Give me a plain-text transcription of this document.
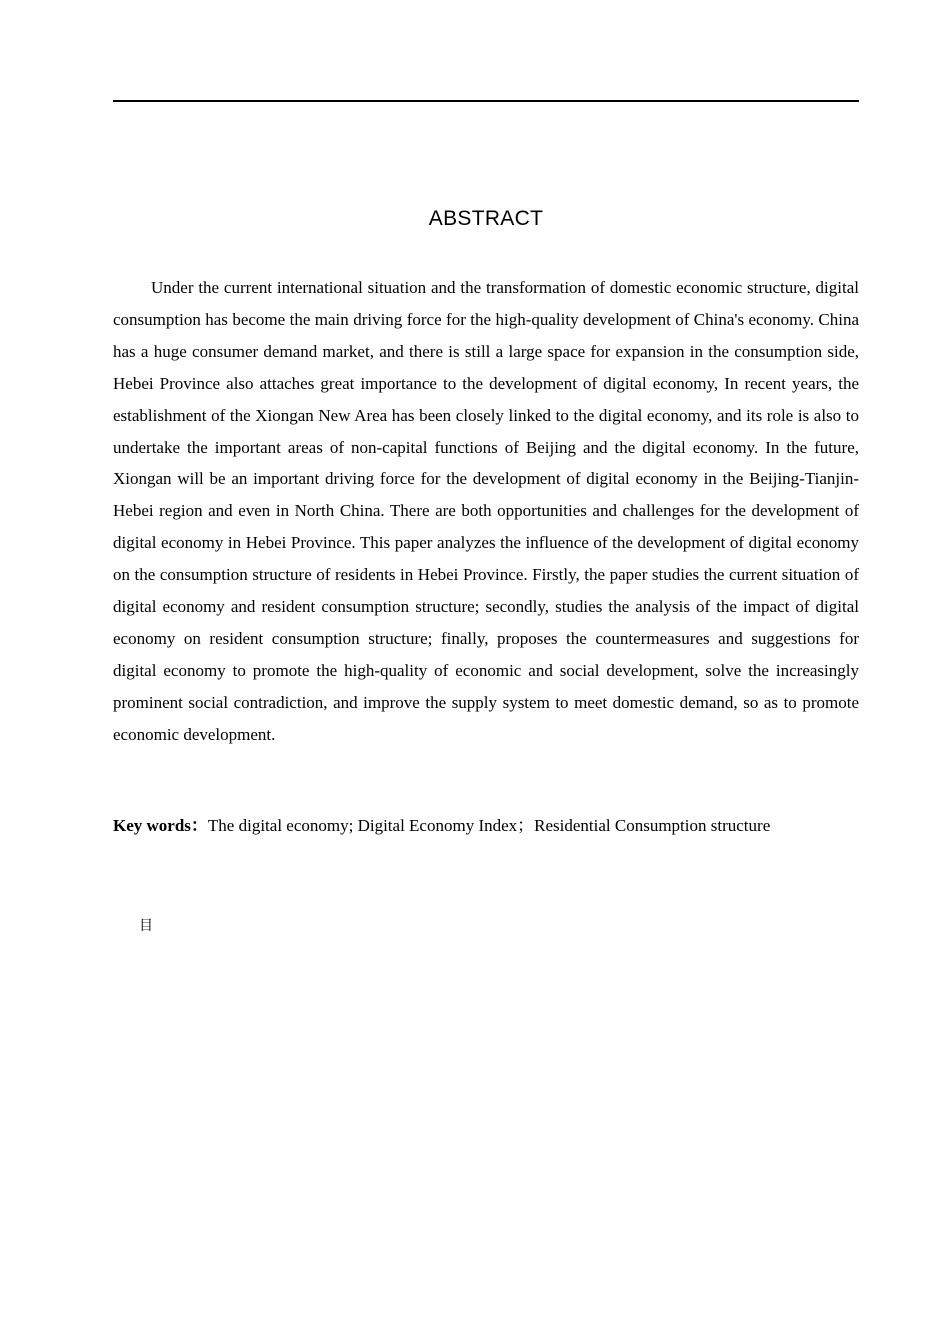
ABSTRACT

Under the current international situation and the transformation of domestic economic structure, digital consumption has become the main driving force for the high-quality development of China's economy. China has a huge consumer demand market, and there is still a large space for expansion in the consumption side, Hebei Province also attaches great importance to the development of digital economy, In recent years, the establishment of the Xiongan New Area has been closely linked to the digital economy, and its role is also to undertake the important areas of non-capital functions of Beijing and the digital economy. In the future, Xiongan will be an important driving force for the development of digital economy in the Beijing-Tianjin-Hebei region and even in North China. There are both opportunities and challenges for the development of digital economy in Hebei Province. This paper analyzes the influence of the development of digital economy on the consumption structure of residents in Hebei Province. Firstly, the paper studies the current situation of digital economy and resident consumption structure; secondly, studies the analysis of the impact of digital economy on resident consumption structure; finally, proposes the countermeasures and suggestions for digital economy to promote the high-quality of economic and social development, solve the increasingly prominent social contradiction, and improve the supply system to meet domestic demand, so as to promote economic development.

Key words：The digital economy; Digital Economy Index；Residential Consumption structure
目
